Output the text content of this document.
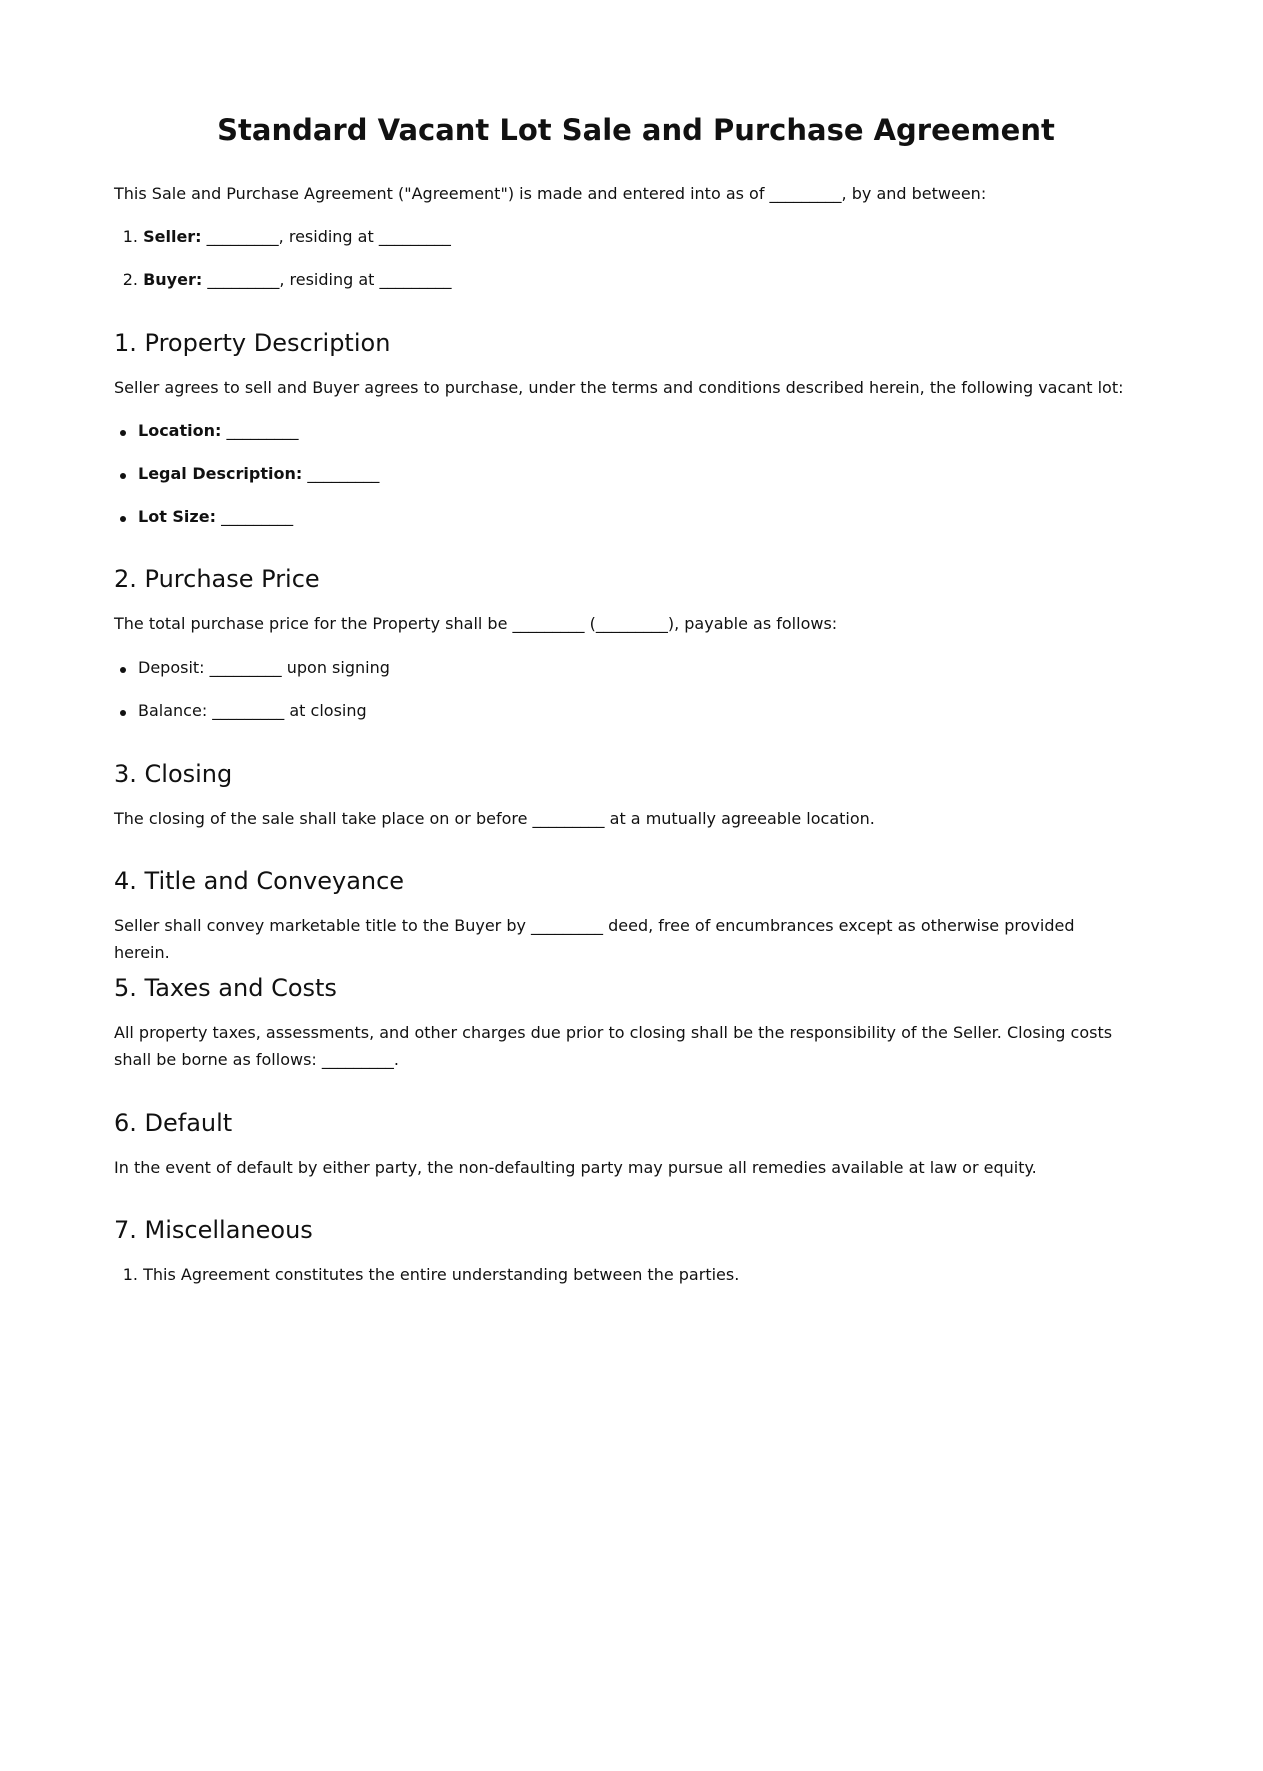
Standard Vacant Lot Sale and Purchase Agreement

This Sale and Purchase Agreement ("Agreement") is made and entered into as of _________, by and between:

1. Seller: _________, residing at _________
2. Buyer: _________, residing at _________
1. Property Description

Seller agrees to sell and Buyer agrees to purchase, under the terms and conditions described herein, the following vacant lot:

Location: _________
Legal Description: _________
Lot Size: _________
2. Purchase Price

The total purchase price for the Property shall be _________ (_________), payable as follows:

Deposit: _________ upon signing
Balance: _________ at closing
3. Closing

The closing of the sale shall take place on or before _________ at a mutually agreeable location.

4. Title and Conveyance

Seller shall convey marketable title to the Buyer by _________ deed, free of encumbrances except as otherwise provided herein.

5. Taxes and Costs

All property taxes, assessments, and other charges due prior to closing shall be the responsibility of the Seller. Closing costs shall be borne as follows: _________.

6. Default

In the event of default by either party, the non-defaulting party may pursue all remedies available at law or equity.

7. Miscellaneous
1. This Agreement constitutes the entire understanding between the parties.
